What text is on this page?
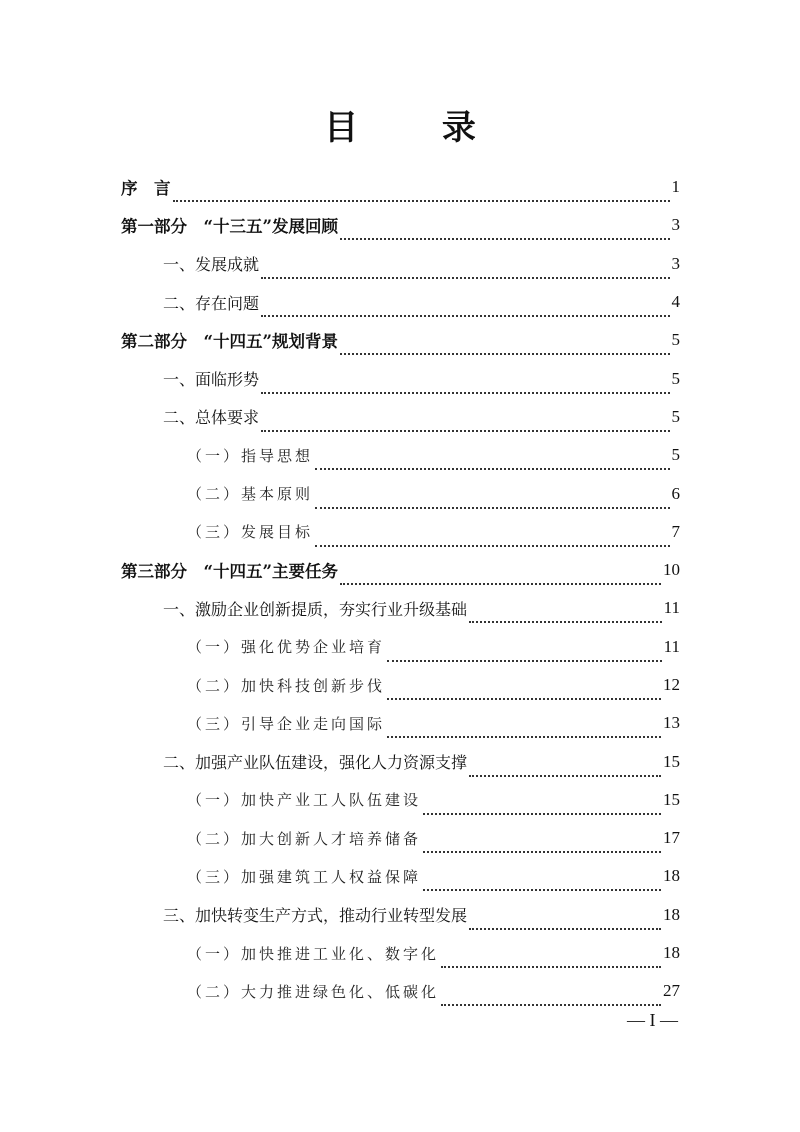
目 录
序　言	1
第一部分　“十三五”发展回顾	3
一、发展成就	3
二、存在问题	4
第二部分　“十四五”规划背景	5
一、面临形势	5
二、总体要求	5
（一）指导思想	5
（二）基本原则	6
（三）发展目标	7
第三部分　“十四五”主要任务	10
一、激励企业创新提质，夯实行业升级基础	11
（一）强化优势企业培育	11
（二）加快科技创新步伐	12
（三）引导企业走向国际	13
二、加强产业队伍建设，强化人力资源支撑	15
（一）加快产业工人队伍建设	15
（二）加大创新人才培养储备	17
（三）加强建筑工人权益保障	18
三、加快转变生产方式，推动行业转型发展	18
（一）加快推进工业化、数字化	18
（二）大力推进绿色化、低碳化	27
— I —
